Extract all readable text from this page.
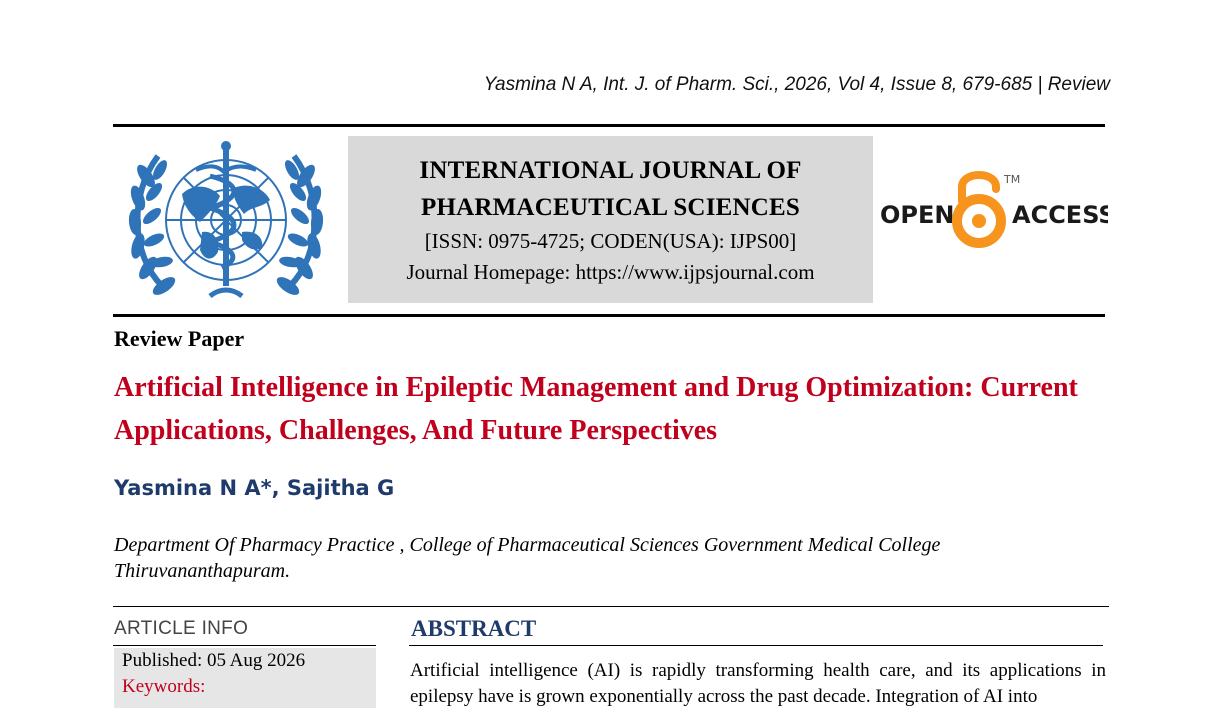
Yasmina N A, Int. J. of Pharm. Sci., 2026, Vol 4, Issue 8, 679-685 | Review
INTERNATIONAL JOURNAL OF
PHARMACEUTICAL SCIENCES
[ISSN: 0975-4725; CODEN(USA): IJPS00]
Journal Homepage: https://www.ijpsjournal.com
OPEN ACCESS
TM
Review Paper
Artificial Intelligence in Epileptic Management and Drug Optimization: Current Applications, Challenges, And Future Perspectives
Yasmina N A*, Sajitha G
Department Of Pharmacy Practice , College of Pharmaceutical Sciences Government Medical College Thiruvananthapuram.
ARTICLE INFO
Published: 05 Aug 2026
Keywords:
ABSTRACT
Artificial intelligence (AI) is rapidly transforming health care, and its applications in epilepsy have is grown exponentially across the past decade. Integration of AI into
